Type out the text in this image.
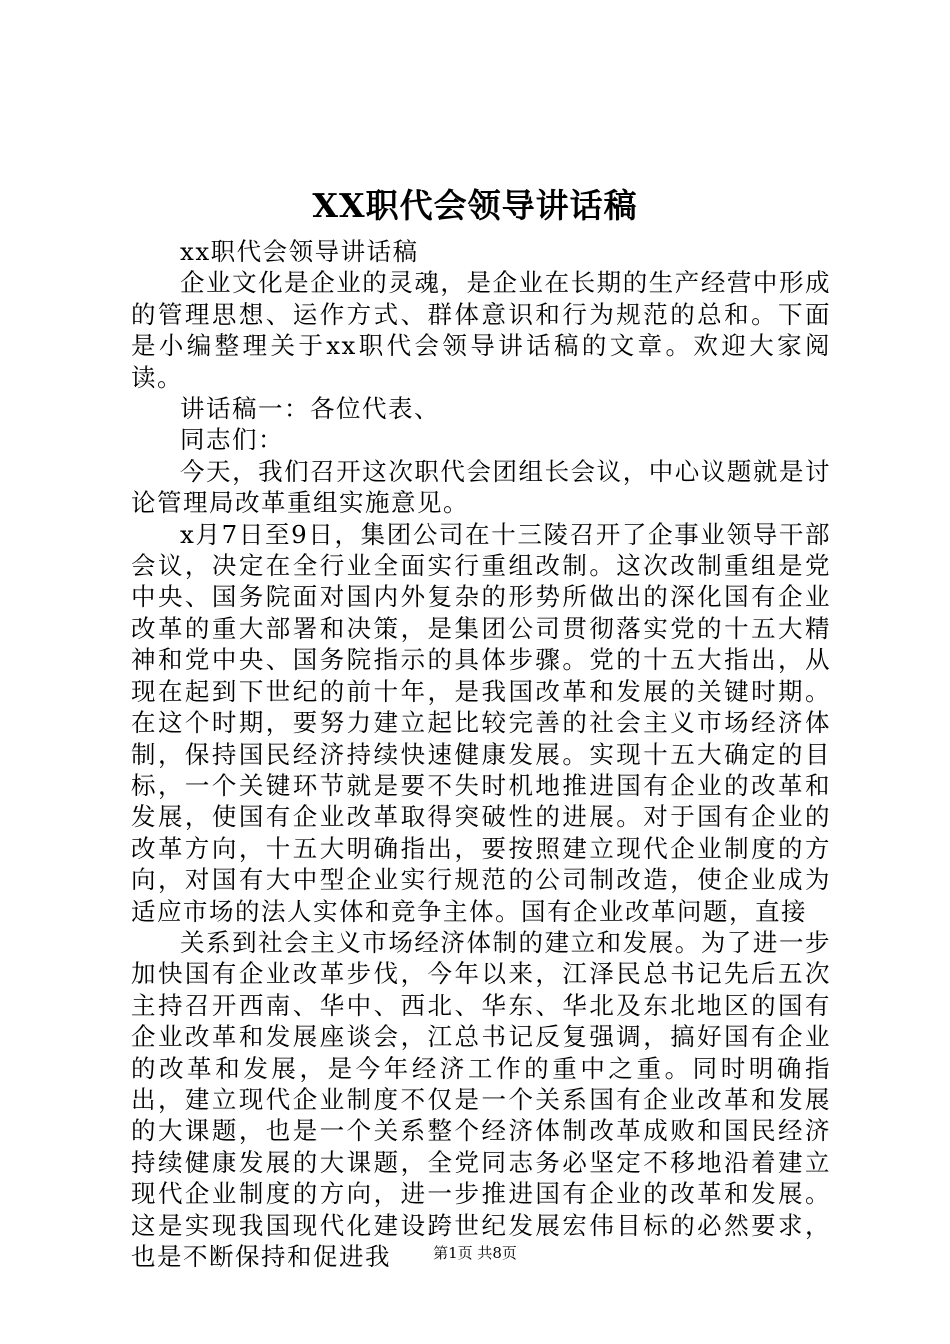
XX职代会领导讲话稿

xx职代会领导讲话稿

企业文化是企业的灵魂，是企业在长期的生产经营中形成的管理思想、运作方式、群体意识和行为规范的总和。下面是小编整理关于xx职代会领导讲话稿的文章。欢迎大家阅读。

讲话稿一：各位代表、

同志们：

今天，我们召开这次职代会团组长会议，中心议题就是讨论管理局改革重组实施意见。

x月7日至9日，集团公司在十三陵召开了企事业领导干部会议，决定在全行业全面实行重组改制。这次改制重组是党中央、国务院面对国内外复杂的形势所做出的深化国有企业改革的重大部署和决策，是集团公司贯彻落实党的十五大精神和党中央、国务院指示的具体步骤。党的十五大指出，从现在起到下世纪的前十年，是我国改革和发展的关键时期。在这个时期，要努力建立起比较完善的社会主义市场经济体制，保持国民经济持续快速健康发展。实现十五大确定的目标，一个关键环节就是要不失时机地推进国有企业的改革和发展，使国有企业改革取得突破性的进展。对于国有企业的改革方向，十五大明确指出，要按照建立现代企业制度的方向，对国有大中型企业实行规范的公司制改造，使企业成为适应市场的法人实体和竞争主体。国有企业改革问题，直接

关系到社会主义市场经济体制的建立和发展。为了进一步加快国有企业改革步伐，今年以来，江泽民总书记先后五次主持召开西南、华中、西北、华东、华北及东北地区的国有企业改革和发展座谈会，江总书记反复强调，搞好国有企业的改革和发展，是今年经济工作的重中之重。同时明确指出，建立现代企业制度不仅是一个关系国有企业改革和发展的大课题，也是一个关系整个经济体制改革成败和国民经济持续健康发展的大课题，全党同志务必坚定不移地沿着建立现代企业制度的方向，进一步推进国有企业的改革和发展。这是实现我国现代化建设跨世纪发展宏伟目标的必然要求，也是不断保持和促进我	第1页 共8页
